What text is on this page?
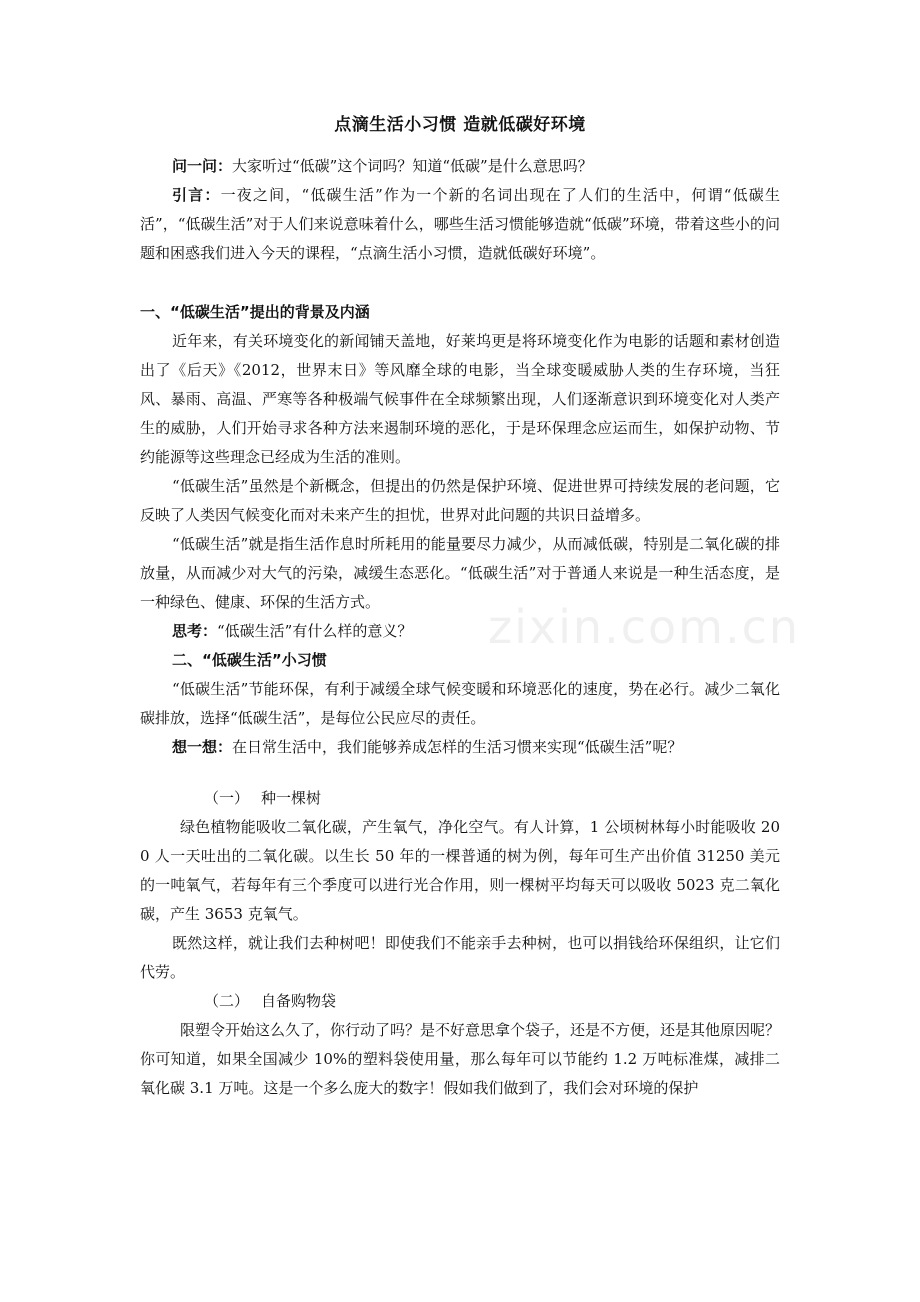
zixin.com.cn
点滴生活小习惯 造就低碳好环境

问一问：大家听过“低碳”这个词吗？知道“低碳”是什么意思吗？

引言：一夜之间，“低碳生活”作为一个新的名词出现在了人们的生活中，何谓“低碳生活”，“低碳生活”对于人们来说意味着什么，哪些生活习惯能够造就“低碳”环境，带着这些小的问题和困惑我们进入今天的课程，“点滴生活小习惯，造就低碳好环境”。

一、“低碳生活”提出的背景及内涵

近年来，有关环境变化的新闻铺天盖地，好莱坞更是将环境变化作为电影的话题和素材创造出了《后天》《2012，世界末日》等风靡全球的电影，当全球变暖威胁人类的生存环境，当狂风、暴雨、高温、严寒等各种极端气候事件在全球频繁出现，人们逐渐意识到环境变化对人类产生的威胁，人们开始寻求各种方法来遏制环境的恶化，于是环保理念应运而生，如保护动物、节约能源等这些理念已经成为生活的准则。

“低碳生活”虽然是个新概念，但提出的仍然是保护环境、促进世界可持续发展的老问题，它反映了人类因气候变化而对未来产生的担忧，世界对此问题的共识日益增多。

“低碳生活”就是指生活作息时所耗用的能量要尽力减少，从而减低碳，特别是二氧化碳的排放量，从而减少对大气的污染，减缓生态恶化。“低碳生活”对于普通人来说是一种生活态度，是一种绿色、健康、环保的生活方式。

思考：“低碳生活”有什么样的意义？

二、“低碳生活”小习惯

“低碳生活”节能环保，有利于减缓全球气候变暖和环境恶化的速度，势在必行。减少二氧化碳排放，选择“低碳生活”，是每位公民应尽的责任。

想一想：在日常生活中，我们能够养成怎样的生活习惯来实现“低碳生活”呢？

（一） 种一棵树

绿色植物能吸收二氧化碳，产生氧气，净化空气。有人计算，1 公顷树林每小时能吸收 200 人一天吐出的二氧化碳。以生长 50 年的一棵普通的树为例，每年可生产出价值 31250 美元的一吨氧气，若每年有三个季度可以进行光合作用，则一棵树平均每天可以吸收 5023 克二氧化碳，产生 3653 克氧气。

既然这样，就让我们去种树吧！即使我们不能亲手去种树，也可以捐钱给环保组织，让它们代劳。

（二） 自备购物袋

限塑令开始这么久了，你行动了吗？是不好意思拿个袋子，还是不方便，还是其他原因呢？你可知道，如果全国减少 10%的塑料袋使用量，那么每年可以节能约 1.2 万吨标准煤，减排二氧化碳 3.1 万吨。这是一个多么庞大的数字！假如我们做到了，我们会对环境的保护
